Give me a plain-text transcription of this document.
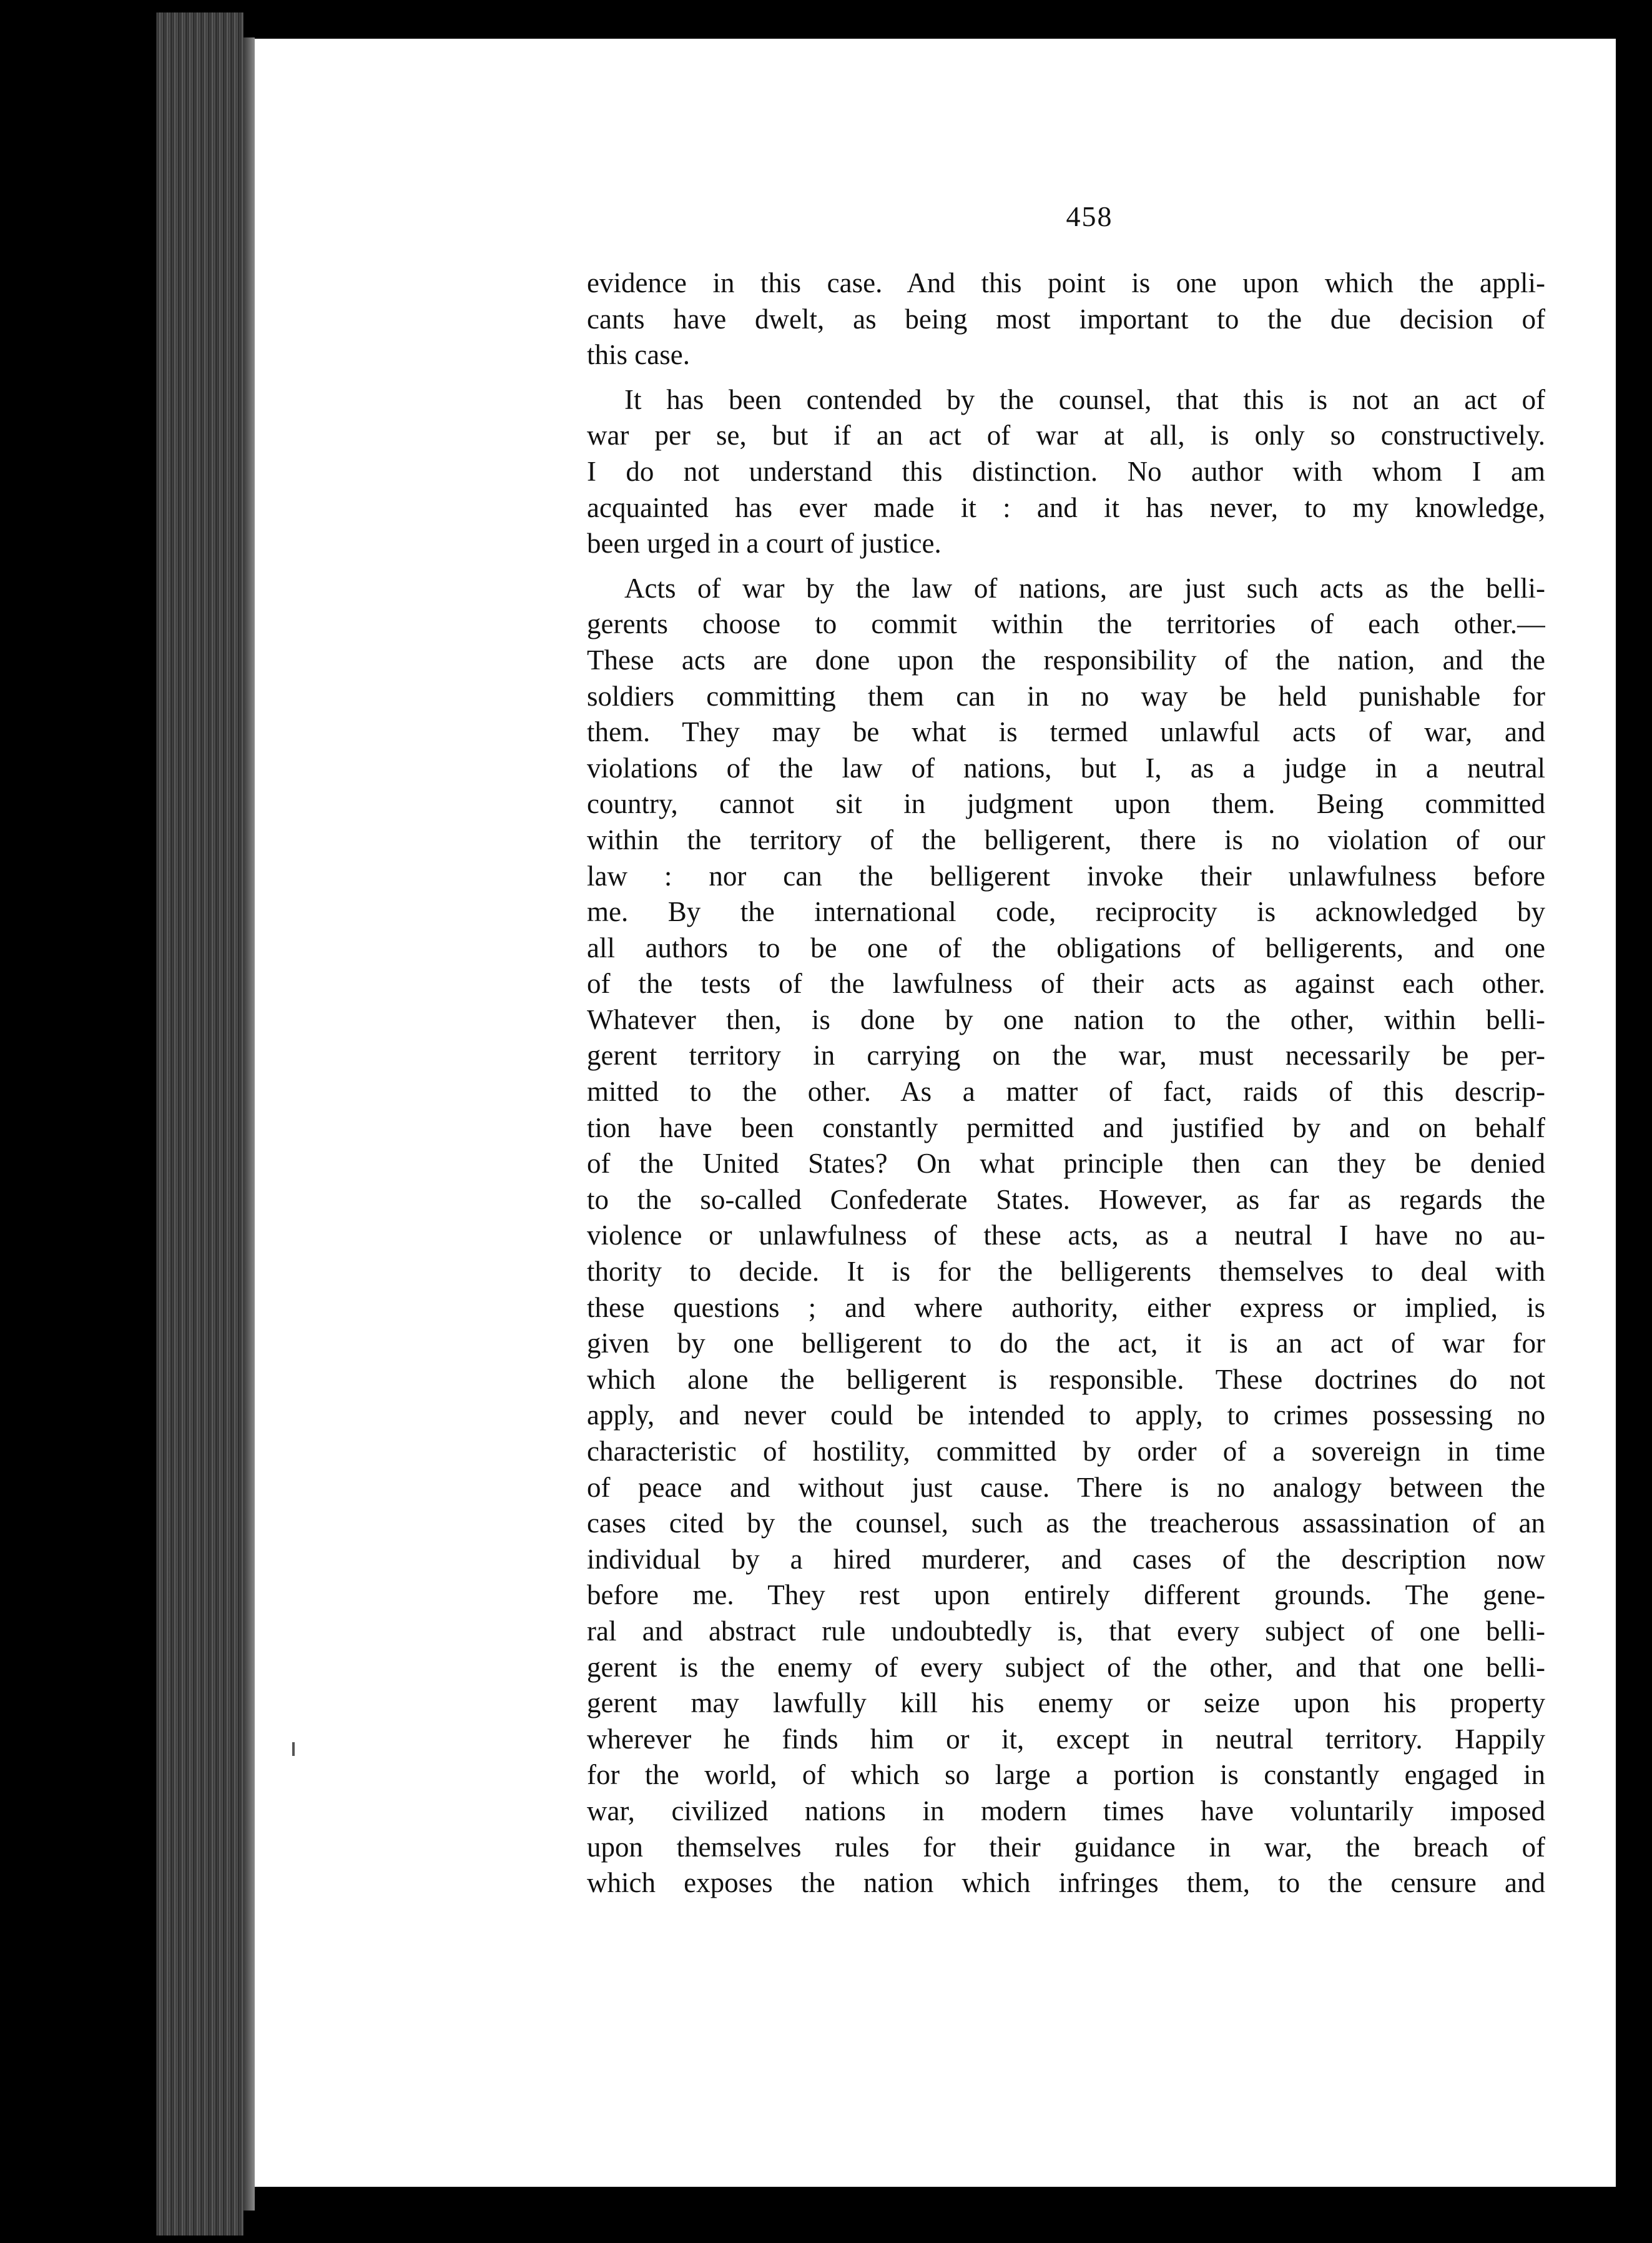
458
evidence in this case. And this point is one upon which the appli-
cants have dwelt, as being most important to the due decision of
this case.
It has been contended by the counsel, that this is not an act of
war per se, but if an act of war at all, is only so constructively.
I do not understand this distinction. No author with whom I am
acquainted has ever made it : and it has never, to my knowledge,
been urged in a court of justice.
Acts of war by the law of nations, are just such acts as the belli-
gerents choose to commit within the territories of each other.—
These acts are done upon the responsibility of the nation, and the
soldiers committing them can in no way be held punishable for
them. They may be what is termed unlawful acts of war, and
violations of the law of nations, but I, as a judge in a neutral
country, cannot sit in judgment upon them. Being committed
within the territory of the belligerent, there is no violation of our
law : nor can the belligerent invoke their unlawfulness before
me. By the international code, reciprocity is acknowledged by
all authors to be one of the obligations of belligerents, and one
of the tests of the lawfulness of their acts as against each other.
Whatever then, is done by one nation to the other, within belli-
gerent territory in carrying on the war, must necessarily be per-
mitted to the other. As a matter of fact, raids of this descrip-
tion have been constantly permitted and justified by and on behalf
of the United States? On what principle then can they be denied
to the so-called Confederate States. However, as far as regards the
violence or unlawfulness of these acts, as a neutral I have no au-
thority to decide. It is for the belligerents themselves to deal with
these questions ; and where authority, either express or implied, is
given by one belligerent to do the act, it is an act of war for
which alone the belligerent is responsible. These doctrines do not
apply, and never could be intended to apply, to crimes possessing no
characteristic of hostility, committed by order of a sovereign in time
of peace and without just cause. There is no analogy between the
cases cited by the counsel, such as the treacherous assassination of an
individual by a hired murderer, and cases of the description now
before me. They rest upon entirely different grounds. The gene-
ral and abstract rule undoubtedly is, that every subject of one belli-
gerent is the enemy of every subject of the other, and that one belli-
gerent may lawfully kill his enemy or seize upon his property
wherever he finds him or it, except in neutral territory. Happily
for the world, of which so large a portion is constantly engaged in
war, civilized nations in modern times have voluntarily imposed
upon themselves rules for their guidance in war, the breach of
which exposes the nation which infringes them, to the censure and
